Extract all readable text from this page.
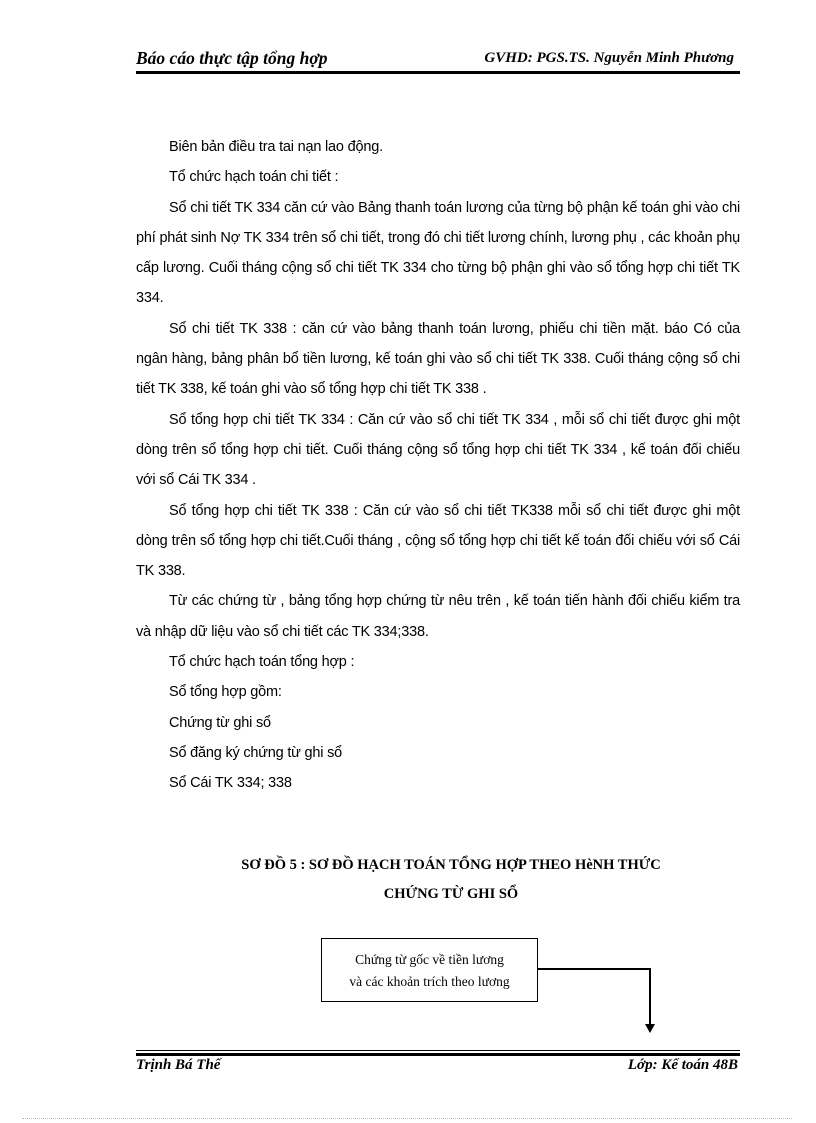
Báo cáo thực tập tổng hợp	GVHD: PGS.TS. Nguyễn Minh Phương

Biên bản điều tra tai nạn lao động.

Tổ chức hạch toán chi tiết :

Sổ chi tiết TK 334 căn cứ vào Bảng thanh toán lương của từng bộ phận kế toán ghi vào chi phí phát sinh Nợ TK 334 trên sổ chi tiết, trong đó chi tiết lương chính, lương phụ , các khoản phụ cấp lương. Cuối tháng cộng sổ chi tiết TK 334 cho từng bộ phận ghi vào sổ tổng hợp chi tiết TK 334.

Sổ chi tiết TK 338 : căn cứ vào bảng thanh toán lương, phiếu chi tiền mặt. báo Có của ngân hàng, bảng phân bổ tiền lương, kế toán ghi vào sổ chi tiết TK 338. Cuối tháng cộng sổ chi tiết TK 338, kế toán ghi vào sổ tổng hợp chi tiết TK 338 .

Sổ tổng hợp chi tiết TK 334 : Căn cứ vào sổ chi tiết TK 334 , mỗi sổ chi tiết được ghi một dòng trên sổ tổng hợp chi tiết. Cuối tháng cộng sổ tổng hợp chi tiết TK 334 , kế toán đối chiếu với sổ Cái TK 334 .

Sổ tổng hợp chi tiết TK 338 : Căn cứ vào sổ chi tiết TK338 mỗi sổ chi tiết được ghi một dòng trên sổ tổng hợp chi tiết.Cuối tháng , cộng sổ tổng hợp chi tiết kế toán đối chiếu với sổ Cái TK 338.

Từ các chứng từ , bảng tổng hợp chứng từ nêu trên , kế toán tiến hành đối chiếu kiểm tra và nhập dữ liệu vào sổ chi tiết các TK 334;338.

Tổ chức hạch toán tổng hợp :

Sổ tổng hợp gồm:

Chứng từ ghi sổ

Sổ đăng ký chứng từ ghi sổ

Sổ Cái TK 334; 338

SƠ ĐỒ 5 : SƠ ĐỒ HẠCH TOÁN TỔNG HỢP THEO HèNH THỨC
CHỨNG TỪ GHI SỔ
Chứng từ gốc về tiền lương
và các khoản trích theo lương
Trịnh Bá Thế	Lớp: Kế toán 48B
